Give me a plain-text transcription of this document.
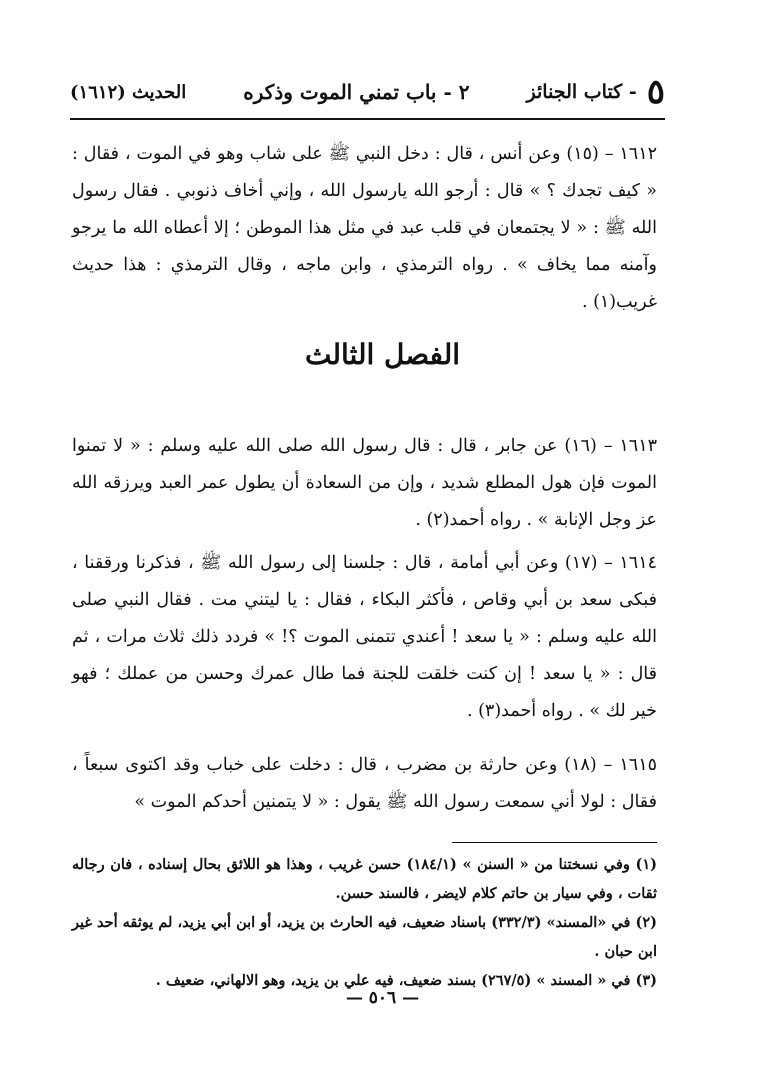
٥
- كتاب الجنائز
٢ - باب تمني الموت وذكره
الحديث (١٦١٢)
١٦١٢ – (١٥) وعن أنس ، قال : دخل النبي ﷺ على شاب وهو في الموت ، فقال : « كيف تجدك ؟ » قال : أرجو الله يارسول الله ، وإني أخاف ذنوبي . فقال رسول الله ﷺ : « لا يجتمعان في قلب عبد في مثل هذا الموطن ؛ إلا أعطاه الله ما يرجو وآمنه مما يخاف » . رواه الترمذي ، وابن ماجه ، وقال الترمذي : هذا حديث غريب(١) .
الفصل الثالث
١٦١٣ – (١٦) عن جابر ، قال : قال رسول الله صلى الله عليه وسلم : « لا تمنوا الموت فإن هول المطلع شديد ، وإن من السعادة أن يطول عمر العبد ويرزقه الله عز وجل الإنابة » . رواه أحمد(٢) .
١٦١٤ – (١٧) وعن أبي أمامة ، قال : جلسنا إلى رسول الله ﷺ ، فذكرنا ورققنا ، فبكى سعد بن أبي وقاص ، فأكثر البكاء ، فقال : يا ليتني مت . فقال النبي صلى الله عليه وسلم : « يا سعد ! أعندي تتمنى الموت ؟! » فردد ذلك ثلاث مرات ، ثم قال : « يا سعد ! إن كنت خلقت للجنة فما طال عمرك وحسن من عملك ؛ فهو خير لك » . رواه أحمد(٣) .
١٦١٥ – (١٨) وعن حارثة بن مضرب ، قال : دخلت على خباب وقد اكتوى سبعاً ، فقال : لولا أني سمعت رسول الله ﷺ يقول : « لا يتمنين أحدكم الموت »

(١) وفي نسختنا من « السنن » (١٨٤/١) حسن غريب ، وهذا هو اللائق بحال إسناده ، فان رجاله ثقات ، وفي سيار بن حاتم كلام لايضر ، فالسند حسن.

(٢) في «المسند» (٣٣٢/٣) باسناد ضعيف، فيه الحارث بن يزيد، أو ابن أبي يزيد، لم يوثقه أحد غير ابن حبان .

(٣) في « المسند » (٢٦٧/٥) بسند ضعيف، فيه علي بن يزيد، وهو الالهاني، ضعيف .

— ٥٠٦ —
